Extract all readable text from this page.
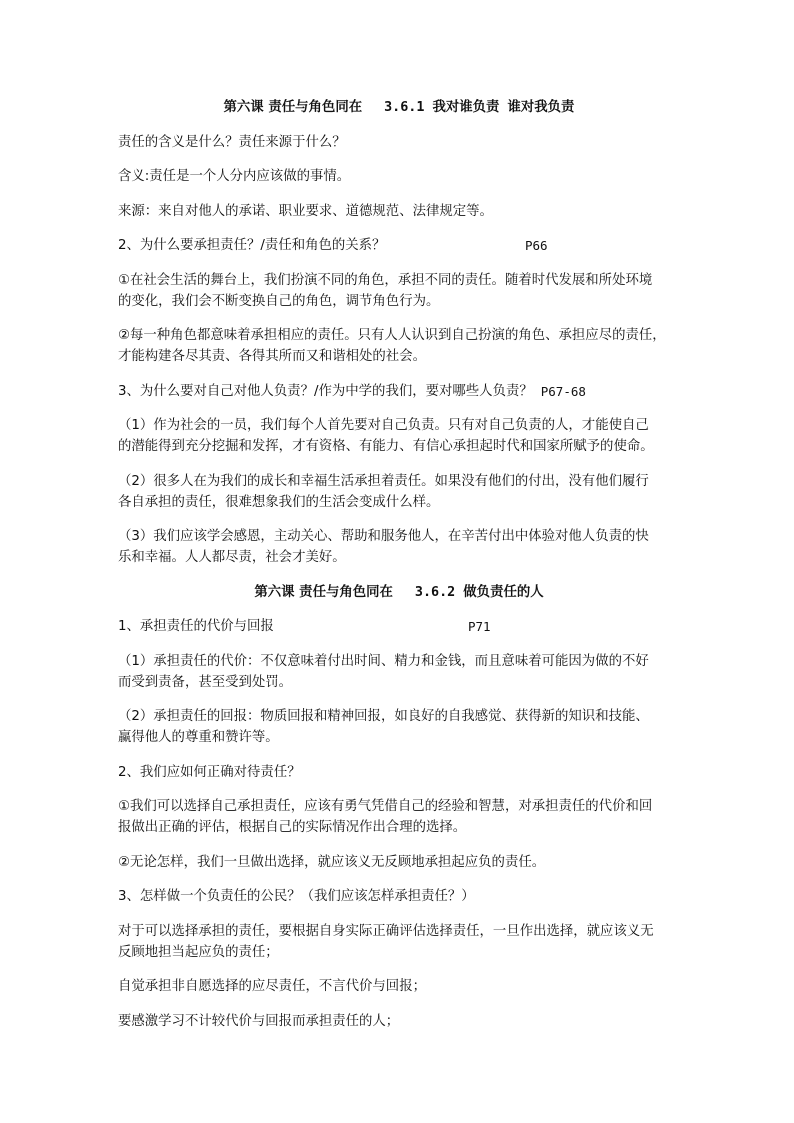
第六课 责任与角色同在 3.6.1 我对谁负责 谁对我负责
责任的含义是什么？责任来源于什么？
含义:责任是一个人分内应该做的事情。
来源：来自对他人的承诺、职业要求、道德规范、法律规定等。
2、为什么要承担责任？/责任和角色的关系？	P66
①在社会生活的舞台上，我们扮演不同的角色，承担不同的责任。随着时代发展和所处环境
的变化，我们会不断变换自己的角色，调节角色行为。
②每一种角色都意味着承担相应的责任。只有人人认识到自己扮演的角色、承担应尽的责任，
才能构建各尽其责、各得其所而又和谐相处的社会。
3、为什么要对自己对他人负责？/作为中学的我们，要对哪些人负责？ P67-68
（1）作为社会的一员，我们每个人首先要对自己负责。只有对自己负责的人，才能使自己
的潜能得到充分挖掘和发挥，才有资格、有能力、有信心承担起时代和国家所赋予的使命。
（2）很多人在为我们的成长和幸福生活承担着责任。如果没有他们的付出，没有他们履行
各自承担的责任，很难想象我们的生活会变成什么样。
（3）我们应该学会感恩，主动关心、帮助和服务他人，在辛苦付出中体验对他人负责的快
乐和幸福。人人都尽责，社会才美好。
第六课 责任与角色同在 3.6.2 做负责任的人
1、承担责任的代价与回报	P71
（1）承担责任的代价：不仅意味着付出时间、精力和金钱，而且意味着可能因为做的不好
而受到责备，甚至受到处罚。
（2）承担责任的回报：物质回报和精神回报，如良好的自我感觉、获得新的知识和技能、
赢得他人的尊重和赞许等。
2、我们应如何正确对待责任？
①我们可以选择自己承担责任，应该有勇气凭借自己的经验和智慧，对承担责任的代价和回
报做出正确的评估，根据自己的实际情况作出合理的选择。
②无论怎样，我们一旦做出选择，就应该义无反顾地承担起应负的责任。
3、怎样做一个负责任的公民？（我们应该怎样承担责任？）
对于可以选择承担的责任，要根据自身实际正确评估选择责任，一旦作出选择，就应该义无
反顾地担当起应负的责任；
自觉承担非自愿选择的应尽责任，不言代价与回报；
要感激学习不计较代价与回报而承担责任的人；
